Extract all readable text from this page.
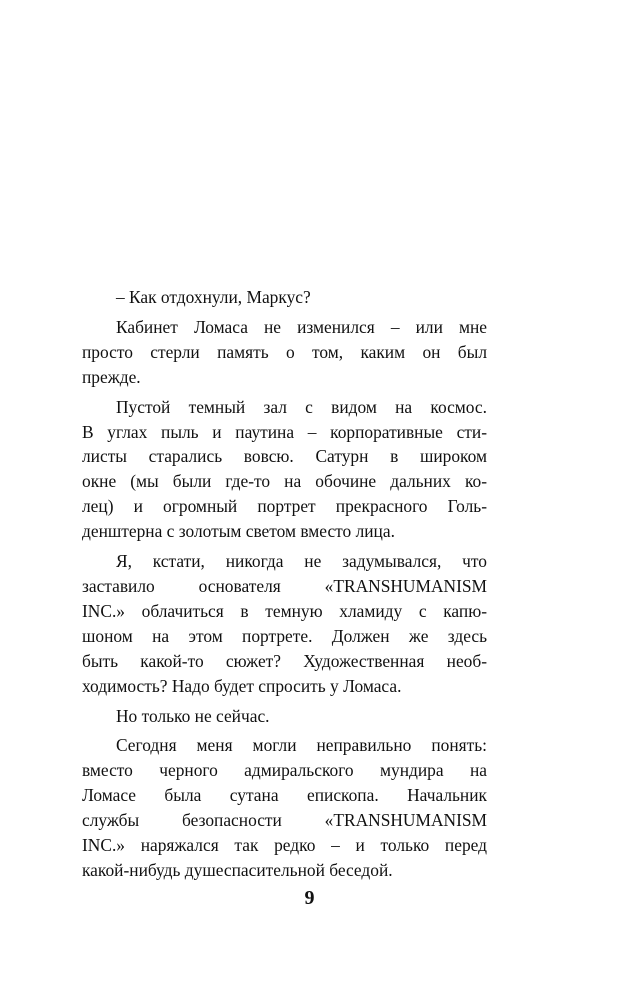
– Как отдохнули, Маркус?

Кабинет Ломаса не изменился – или мне
просто стерли память о том, каким он был
прежде.

Пустой темный зал с видом на космос.
В углах пыль и паутина – корпоративные сти-
листы старались вовсю. Сатурн в широком
окне (мы были где-то на обочине дальних ко-
лец) и огромный портрет прекрасного Голь-
денштерна с золотым светом вместо лица.

Я, кстати, никогда не задумывался, что
заставило основателя «TRANSHUMANISM
INC.» облачиться в темную хламиду с капю-
шоном на этом портрете. Должен же здесь
быть какой-то сюжет? Художественная необ-
ходимость? Надо будет спросить у Ломаса.

Но только не сейчас.

Сегодня меня могли неправильно понять:
вместо черного адмиральского мундира на
Ломасе была сутана епископа. Начальник
службы безопасности «TRANSHUMANISM
INC.» наряжался так редко – и только перед
какой-нибудь душеспасительной беседой.

9
